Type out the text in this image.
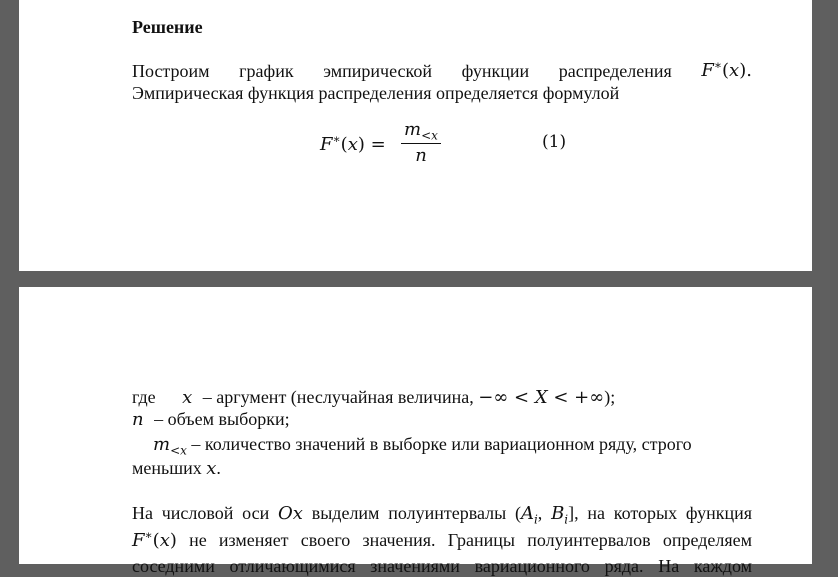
Решение
Построим график эмпирической функции распределения F∗(x).
Эмпирическая функция распределения определяется формулой
F∗(x) =
$m_{<x}$
n
(1)
где x – аргумент (неслучайная величина, −∞ < X < +∞);
n – объем выборки;
$m_{<x}$ – количество значений в выборке или вариационном ряду, строго
меньших x.
На числовой оси Ox выделим полуинтервалы ($A_i$, $B_i$], на которых функция
F∗(x) не изменяет своего значения. Границы полуинтервалов определяем
соседними отличающимися значениями вариационного ряда. На каждом
